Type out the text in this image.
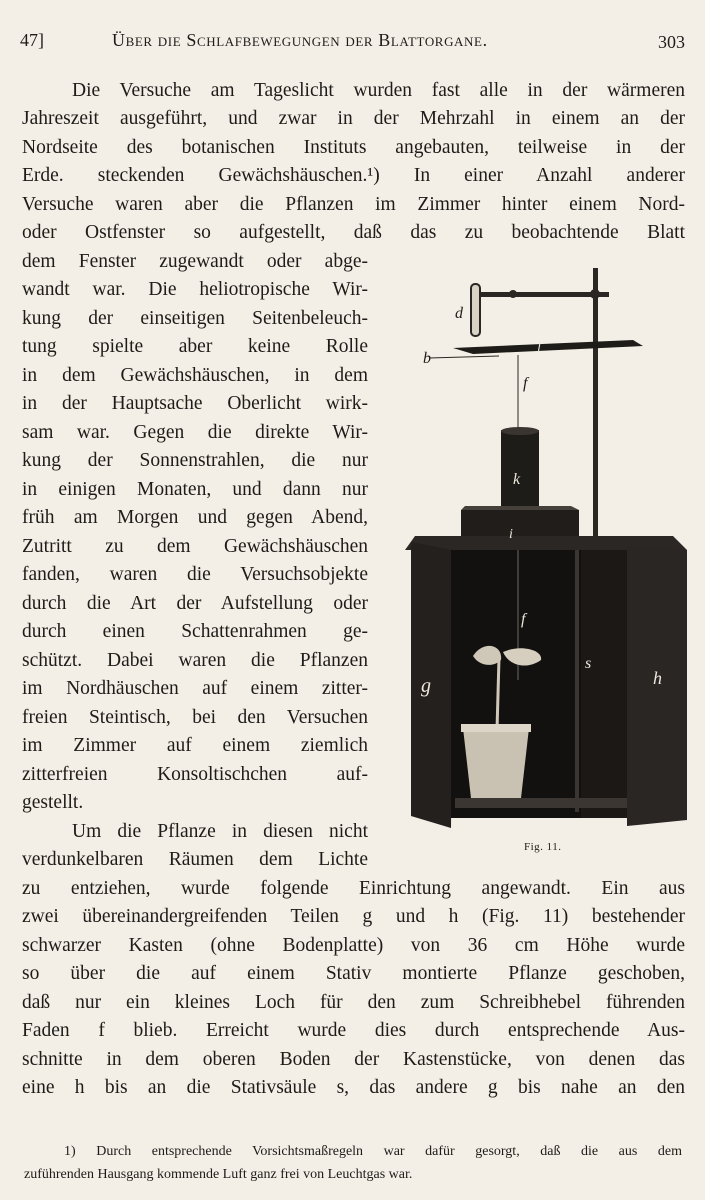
47]	Über die Schlafbewegungen der Blattorgane.	303
Die Versuche am Tageslicht wurden fast alle in der wärmeren
Jahreszeit ausgeführt, und zwar in der Mehrzahl in einem an der
Nordseite des botanischen Instituts angebauten, teilweise in der
Erde. steckenden Gewächshäuschen.¹) In einer Anzahl anderer
Versuche waren aber die Pflanzen im Zimmer hinter einem Nord-
oder Ostfenster so aufgestellt, daß das zu beobachtende Blatt
dem Fenster zugewandt oder abge-
wandt war. Die heliotropische Wir-
kung der einseitigen Seitenbeleuch-
tung spielte aber keine Rolle
in dem Gewächshäuschen, in dem
in der Hauptsache Oberlicht wirk-
sam war. Gegen die direkte Wir-
kung der Sonnenstrahlen, die nur
in einigen Monaten, und dann nur
früh am Morgen und gegen Abend,
Zutritt zu dem Gewächshäuschen
fanden, waren die Versuchsobjekte
durch die Art der Aufstellung oder
durch einen Schattenrahmen ge-
schützt. Dabei waren die Pflanzen
im Nordhäuschen auf einem zitter-
freien Steintisch, bei den Versuchen
im Zimmer auf einem ziemlich
zitterfreien Konsoltischchen auf-
gestellt.
Um die Pflanze in diesen nicht
verdunkelbaren Räumen dem Lichte
zu entziehen, wurde folgende Einrichtung angewandt. Ein aus
zwei übereinandergreifenden Teilen g und h (Fig. 11) bestehender
schwarzer Kasten (ohne Bodenplatte) von 36 cm Höhe wurde
so über die auf einem Stativ montierte Pflanze geschoben,
daß nur ein kleines Loch für den zum Schreibhebel führenden
Faden f blieb. Erreicht wurde dies durch entsprechende Aus-
schnitte in dem oberen Boden der Kastenstücke, von denen das
eine h bis an die Stativsäule s, das andere g bis nahe an den
d
b
l
f
k
i
f
s
g	h
Fig. 11.
1) Durch entsprechende Vorsichtsmaßregeln war dafür gesorgt, daß die aus dem
zuführenden Hausgang kommende Luft ganz frei von Leuchtgas war.
